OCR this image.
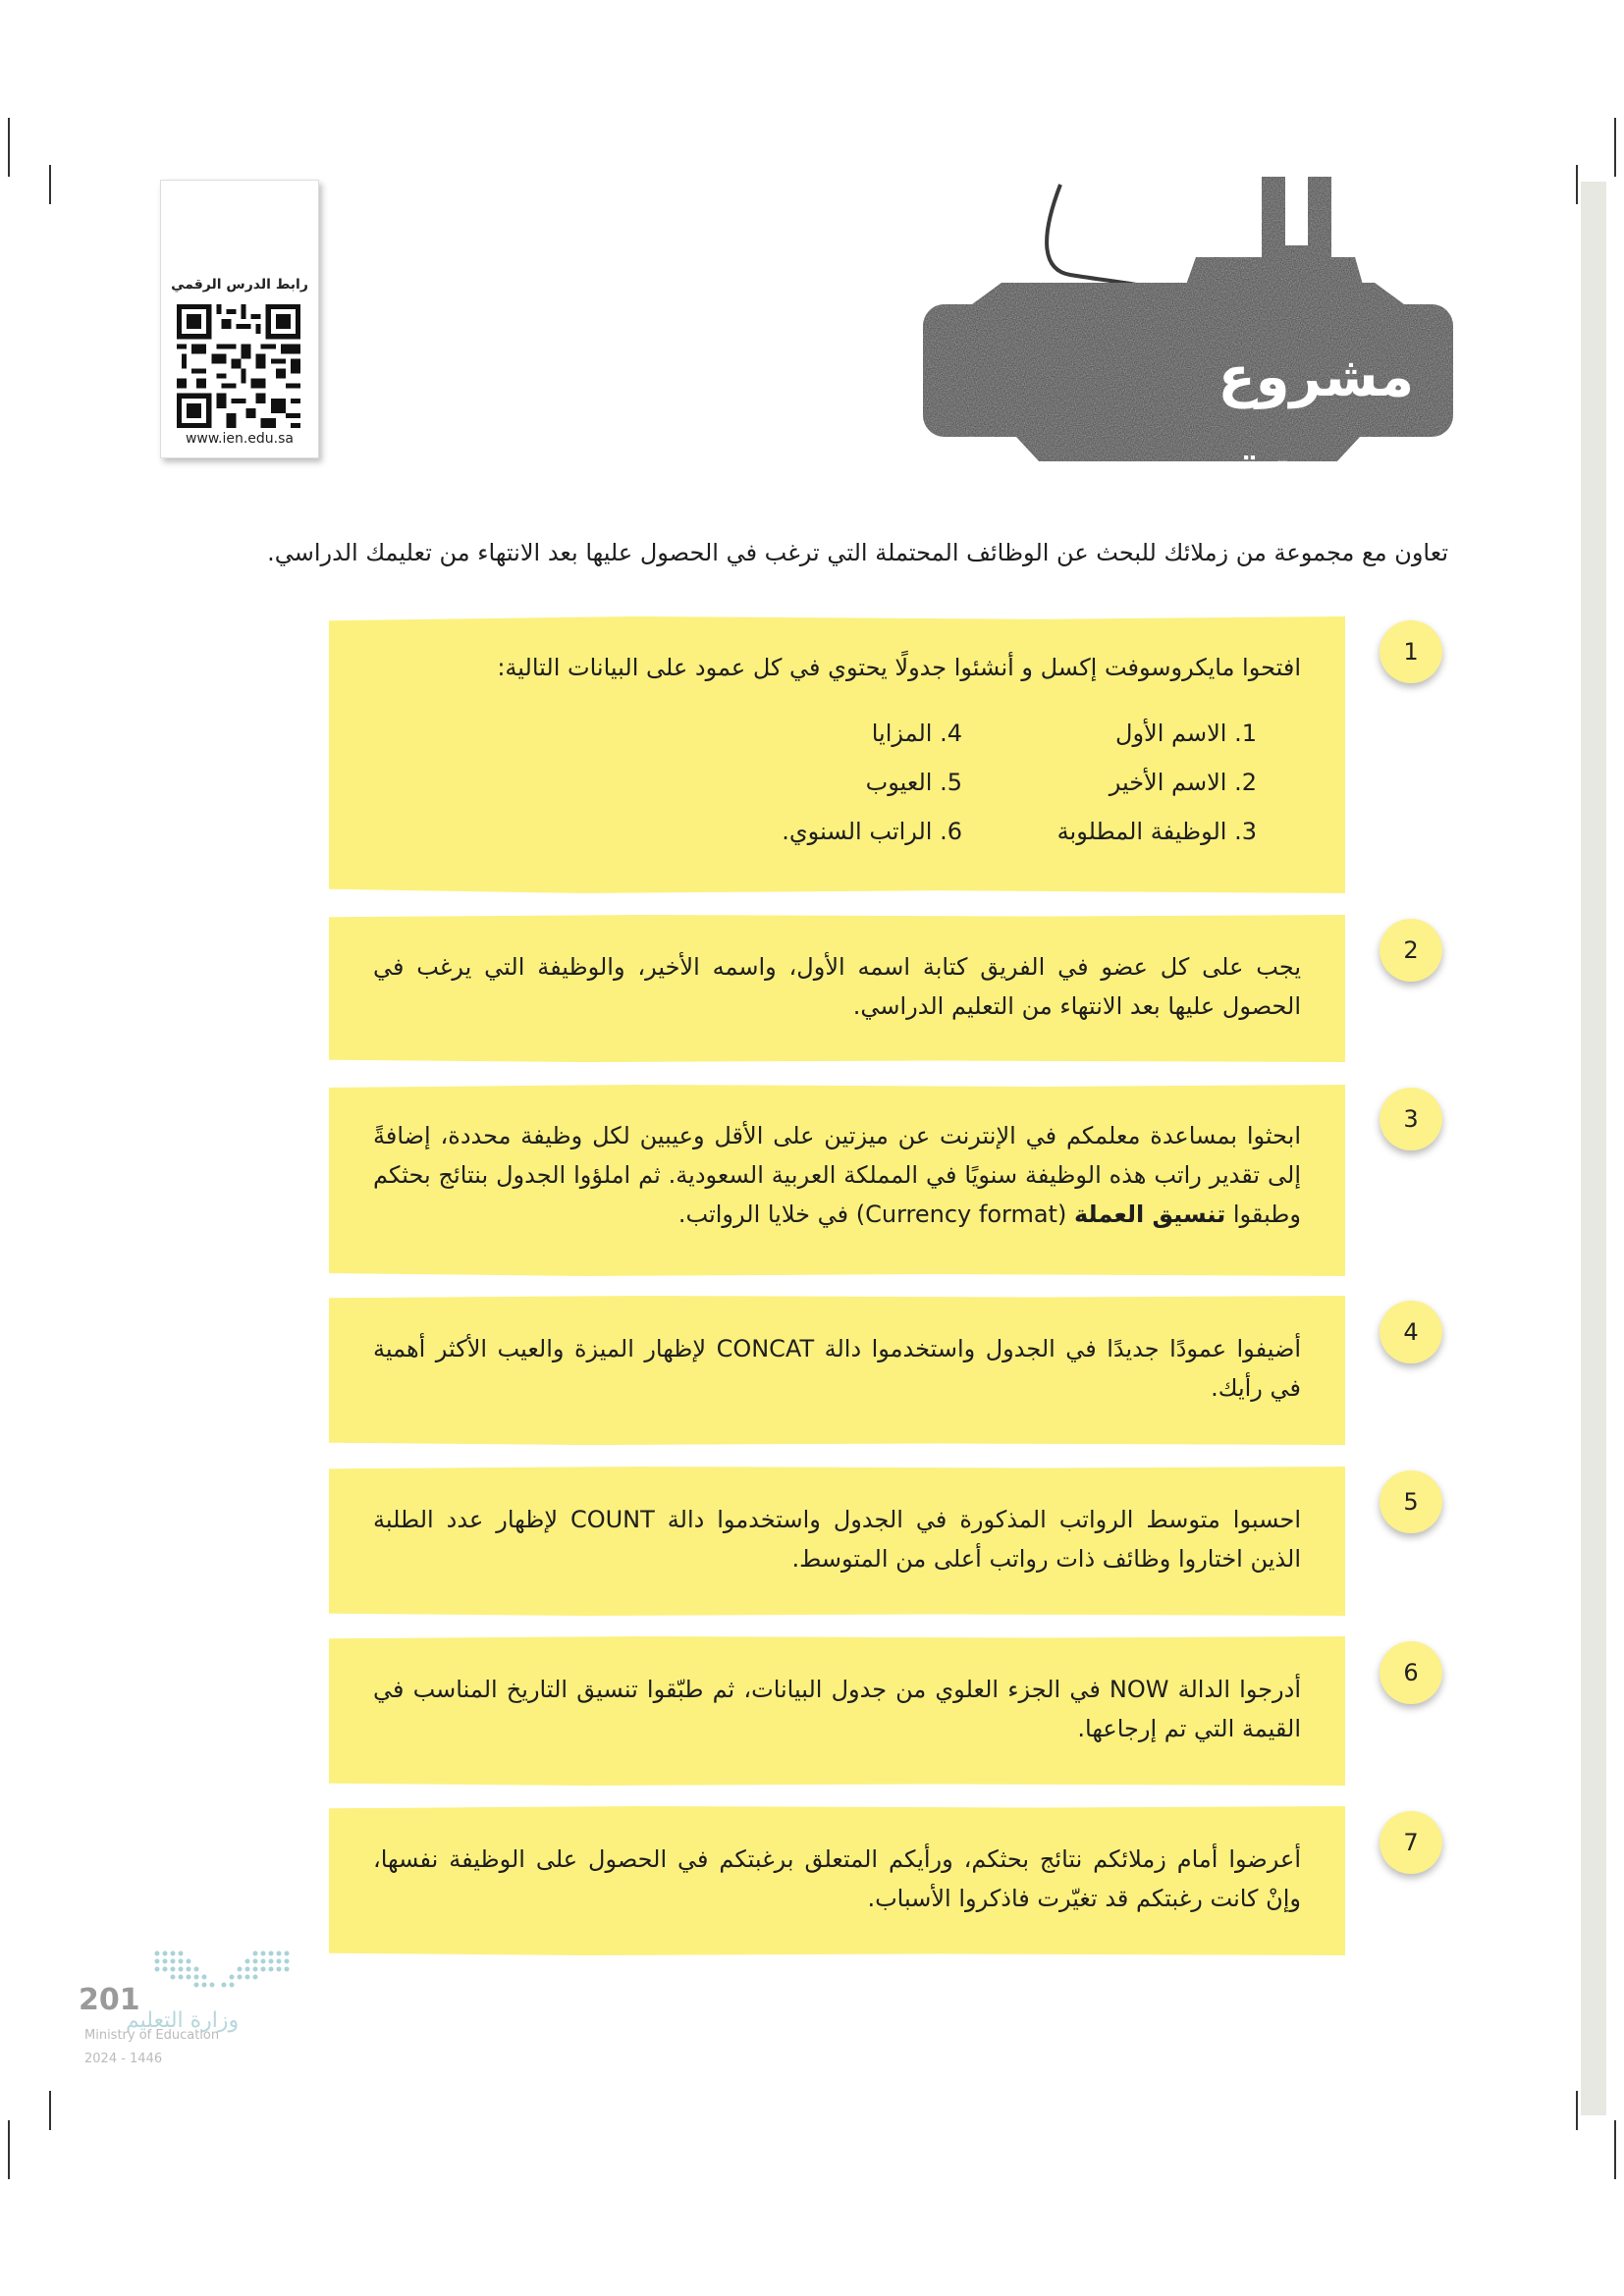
رابط الدرس الرقمي
www.ien.edu.sa
مشروع الوحدة
تعاون مع مجموعة من زملائك للبحث عن الوظائف المحتملة التي ترغب في الحصول عليها بعد الانتهاء من تعليمك الدراسي.
افتحوا مايكروسوفت إكسل و أنشئوا جدولًا يحتوي في كل عمود على البيانات التالية:
1. الاسم الأول
2. الاسم الأخير
3. الوظيفة المطلوبة
4. المزايا
5. العيوب
6. الراتب السنوي.
1
يجب على كل عضو في الفريق كتابة اسمه الأول، واسمه الأخير، والوظيفة التي يرغب في الحصول عليها بعد الانتهاء من التعليم الدراسي.
2
ابحثوا بمساعدة معلمكم في الإنترنت عن ميزتين على الأقل وعيبين لكل وظيفة محددة، إضافةً إلى تقدير راتب هذه الوظيفة سنويًا في المملكة العربية السعودية. ثم املؤوا الجدول بنتائج بحثكم وطبقوا تنسيق العملة (Currency format) في خلايا الرواتب.
3
أضيفوا عمودًا جديدًا في الجدول واستخدموا دالة CONCAT لإظهار الميزة والعيب الأكثر أهمية في رأيك.
4
احسبوا متوسط الرواتب المذكورة في الجدول واستخدموا دالة COUNT لإظهار عدد الطلبة الذين اختاروا وظائف ذات رواتب أعلى من المتوسط.
5
أدرجوا الدالة NOW في الجزء العلوي من جدول البيانات، ثم طبّقوا تنسيق التاريخ المناسب في القيمة التي تم إرجاعها.
6
أعرضوا أمام زملائكم نتائج بحثكم، ورأيكم المتعلق برغبتكم في الحصول على الوظيفة نفسها، وإنْ كانت رغبتكم قد تغيّرت فاذكروا الأسباب.
7
201
وزارة التعليم
Ministry of Education
2024 - 1446
